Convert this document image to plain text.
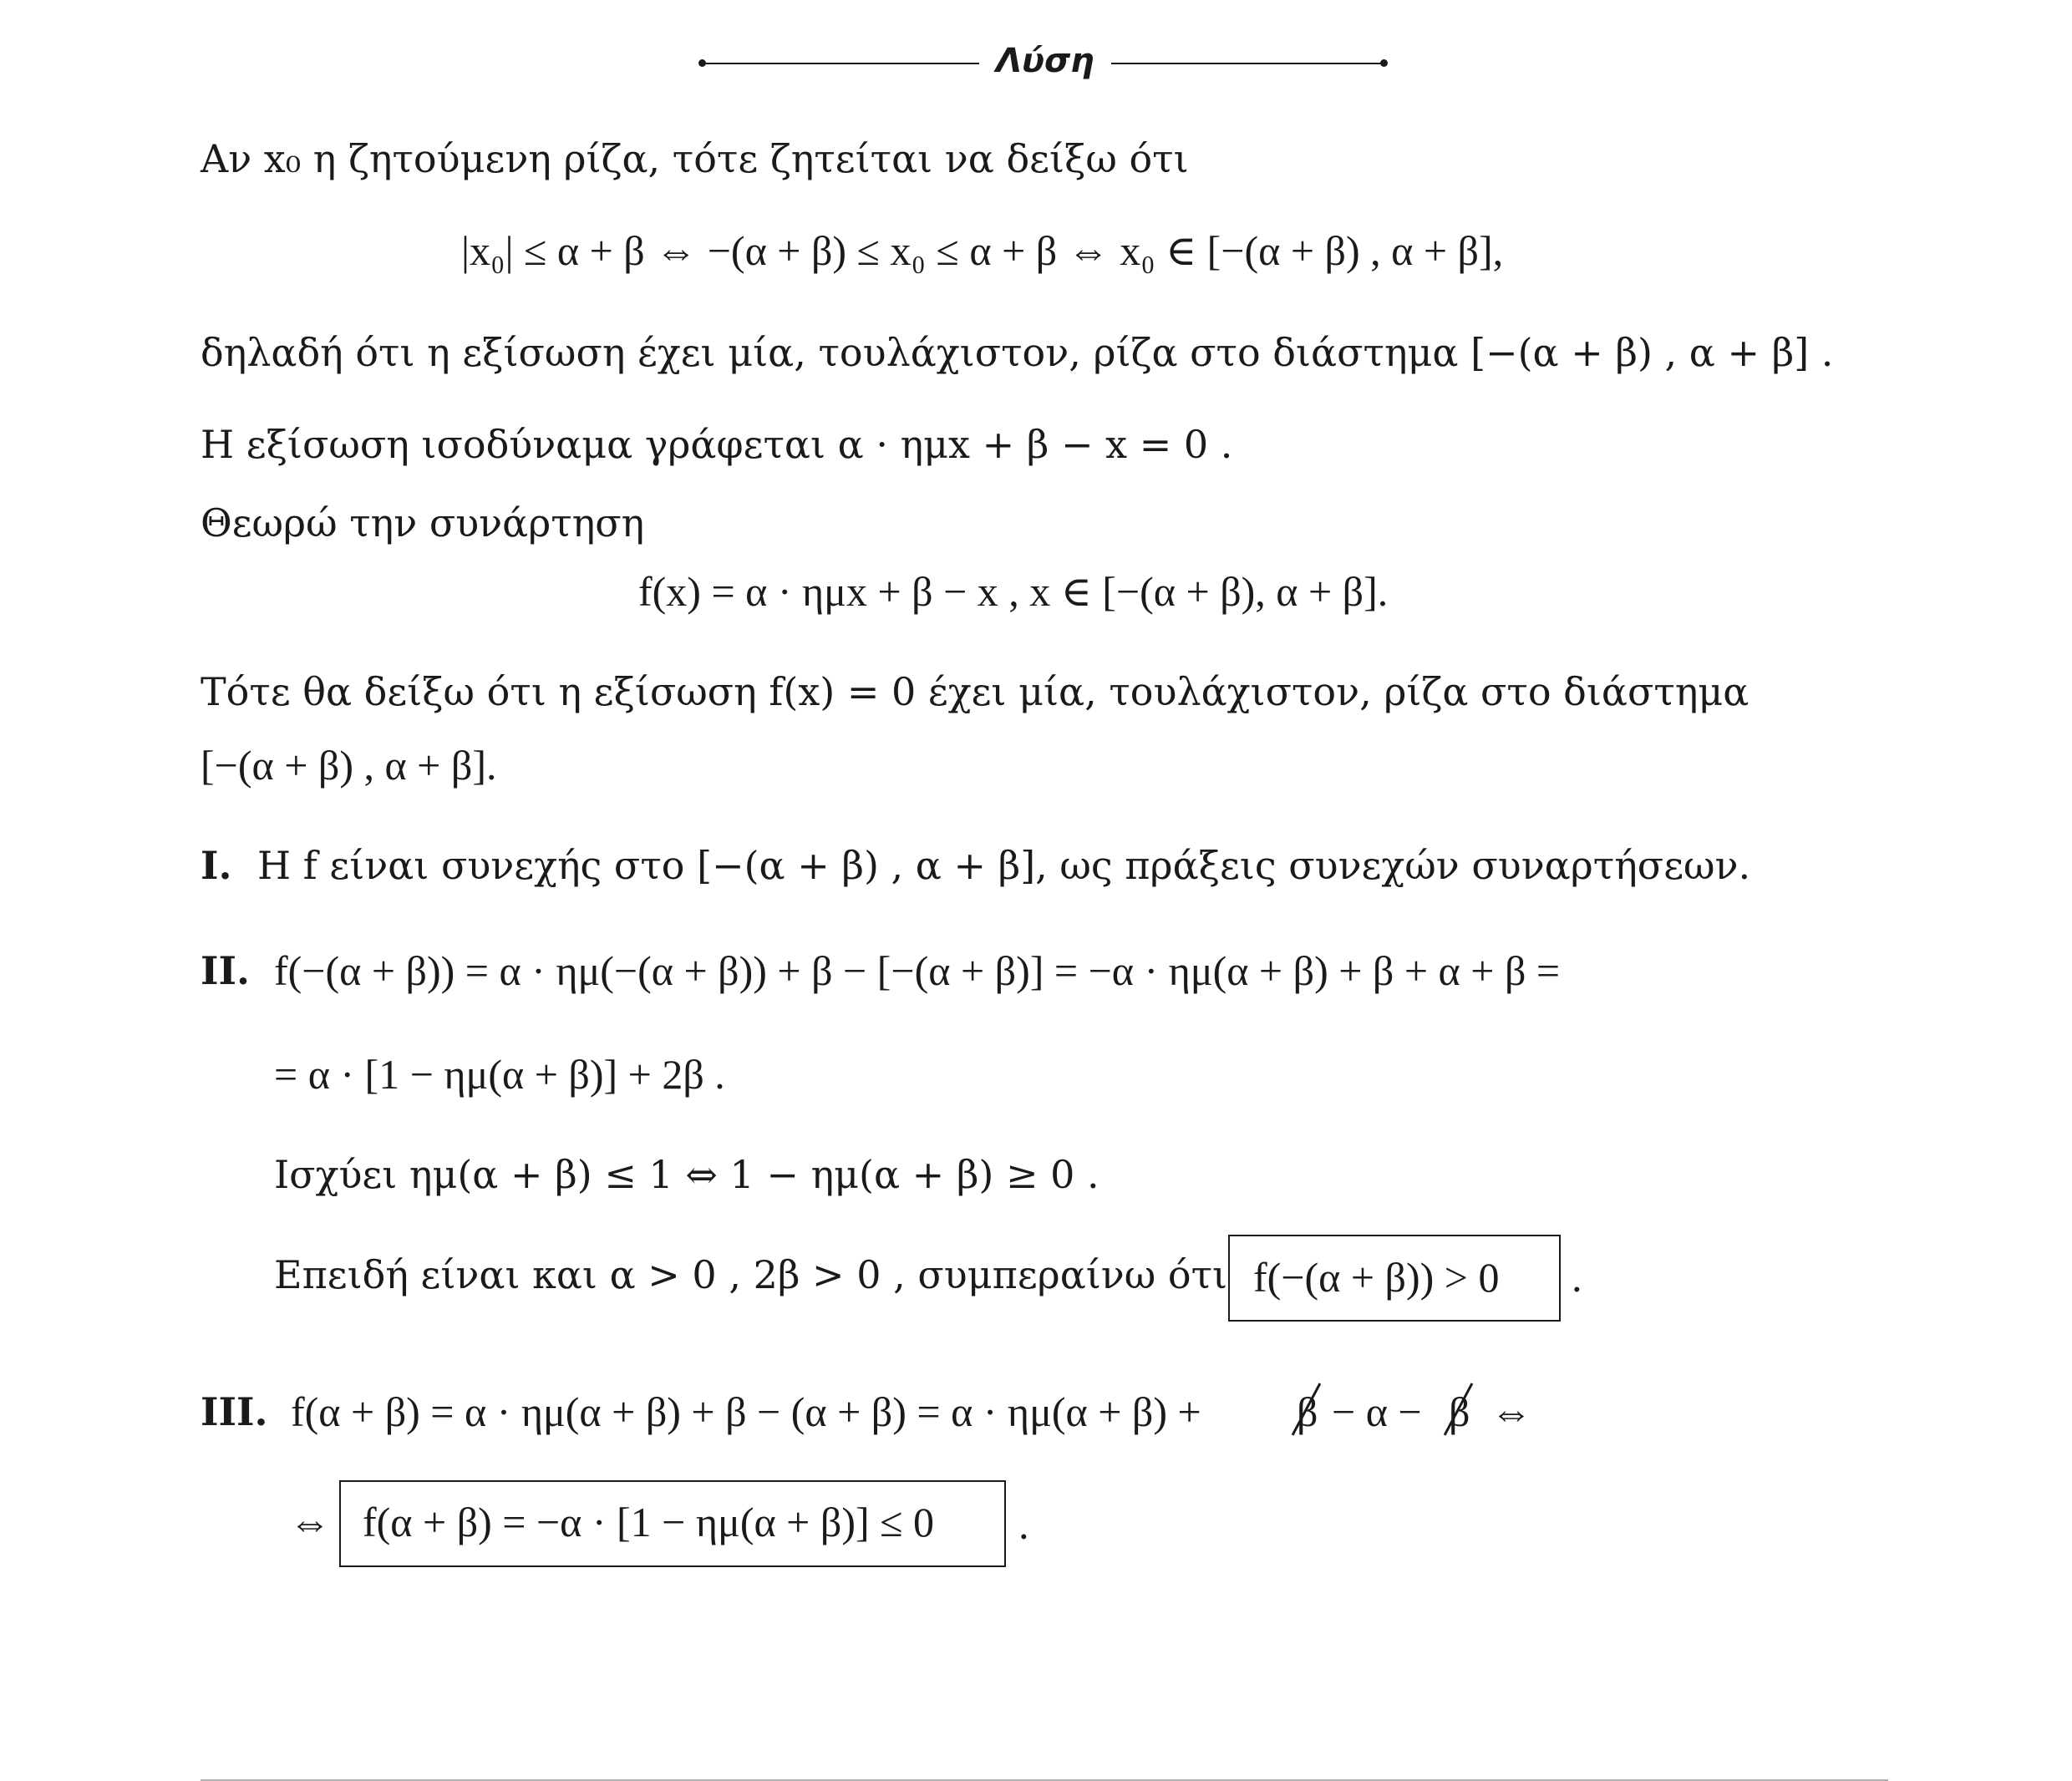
Λύση
Αν x₀ η ζητούμενη ρίζα, τότε ζητείται να δείξω ότι
|x₀| ≤ α + β ⇔ −(α + β) ≤ x₀ ≤ α + β ⇔ x₀ ∈ [−(α + β) , α + β],
δηλαδή ότι η εξίσωση έχει μία, τουλάχιστον, ρίζα στο διάστημα [−(α + β) , α + β] .
Η εξίσωση ισοδύναμα γράφεται α · ημx + β − x = 0 .
Θεωρώ την συνάρτηση
f(x) = α · ημx + β − x , x ∈ [−(α + β), α + β].
Τότε θα δείξω ότι η εξίσωση f(x) = 0 έχει μία, τουλάχιστον, ρίζα στο διάστημα
[−(α + β) , α + β].
I. Η f είναι συνεχής στο [−(α + β) , α + β], ως πράξεις συνεχών συναρτήσεων.
II. f(−(α + β)) = α · ημ(−(α + β)) + β − [−(α + β)] = −α · ημ(α + β) + β + α + β =
= α · [1 − ημ(α + β)] + 2β .
Ισχύει ημ(α + β) ≤ 1 ⇔ 1 − ημ(α + β) ≥ 0 .
Επειδή είναι και α > 0 , 2β > 0 , συμπεραίνω ότι f(−(α + β)) > 0 .
III. f(α + β) = α · ημ(α + β) + β − (α + β) = α · ημ(α + β) + β − α − β ⇔
⇔ f(α + β) = −α · [1 − ημ(α + β)] ≤ 0 .
